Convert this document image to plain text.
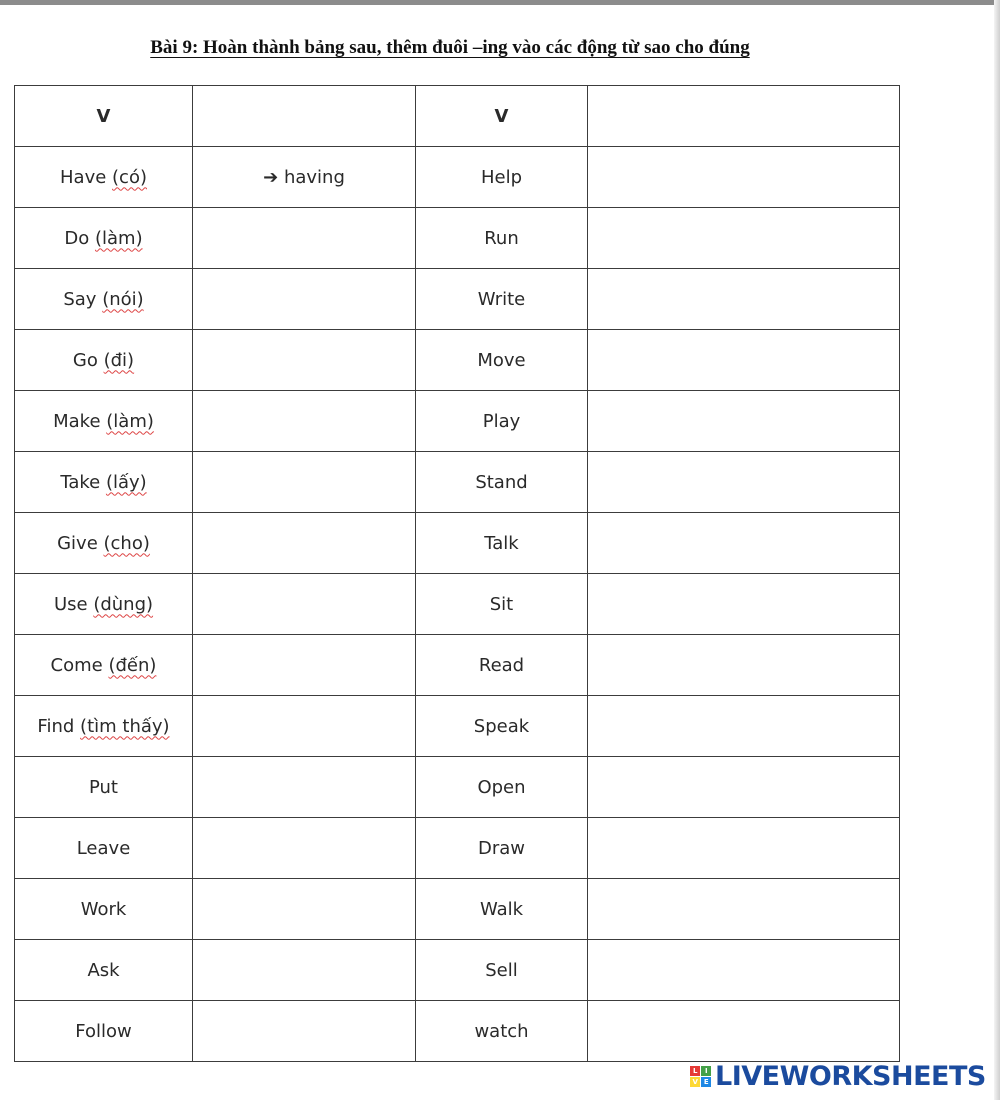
Bài 9: Hoàn thành bảng sau, thêm đuôi –ing vào các động từ sao cho đúng
V		V	
Have (có)	➔ having	Help	
Do (làm)		Run	
Say (nói)		Write	
Go (đi)		Move	
Make (làm)		Play	
Take (lấy)		Stand	
Give (cho)		Talk	
Use (dùng)		Sit	
Come (đến)		Read	
Find (tìm thấy)		Speak	
Put		Open	
Leave		Draw	
Work		Walk	
Ask		Sell	
Follow		watch	
L	I
V E LIVEWORKSHEETS
